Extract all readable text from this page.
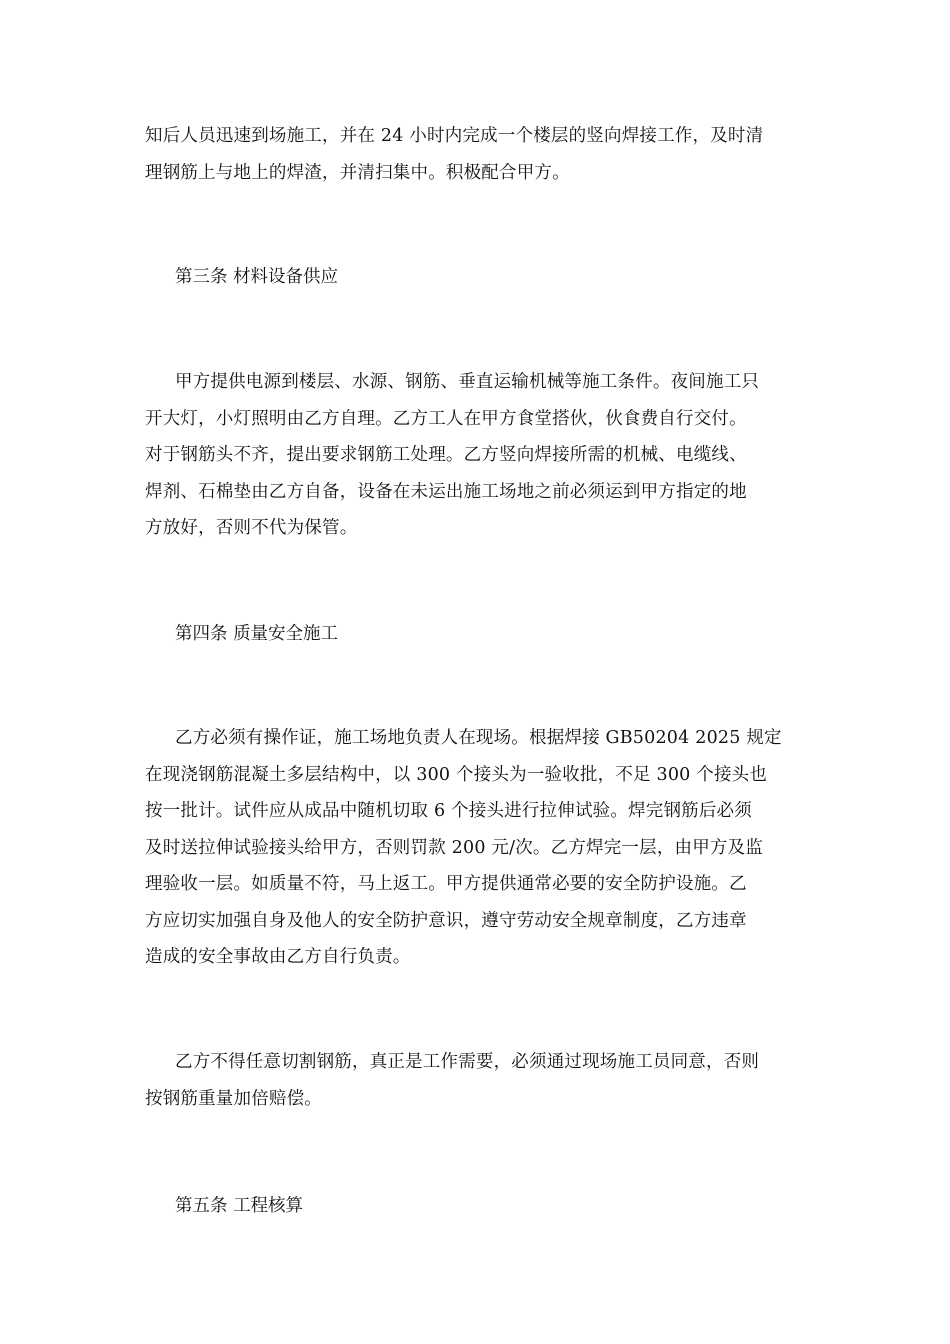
知后人员迅速到场施工，并在 24 小时内完成一个楼层的竖向焊接工作，及时清
理钢筋上与地上的焊渣，并清扫集中。积极配合甲方。

第三条 材料设备供应

甲方提供电源到楼层、水源、钢筋、垂直运输机械等施工条件。夜间施工只
开大灯，小灯照明由乙方自理。乙方工人在甲方食堂搭伙，伙食费自行交付。
对于钢筋头不齐，提出要求钢筋工处理。乙方竖向焊接所需的机械、电缆线、
焊剂、石棉垫由乙方自备，设备在未运出施工场地之前必须运到甲方指定的地
方放好，否则不代为保管。

第四条 质量安全施工

乙方必须有操作证，施工场地负责人在现场。根据焊接 GB50204 2025 规定
在现浇钢筋混凝土多层结构中，以 300 个接头为一验收批，不足 300 个接头也
按一批计。试件应从成品中随机切取 6 个接头进行拉伸试验。焊完钢筋后必须
及时送拉伸试验接头给甲方，否则罚款 200 元/次。乙方焊完一层，由甲方及监
理验收一层。如质量不符，马上返工。甲方提供通常必要的安全防护设施。乙
方应切实加强自身及他人的安全防护意识，遵守劳动安全规章制度，乙方违章
造成的安全事故由乙方自行负责。

乙方不得任意切割钢筋，真正是工作需要，必须通过现场施工员同意，否则
按钢筋重量加倍赔偿。

第五条 工程核算
